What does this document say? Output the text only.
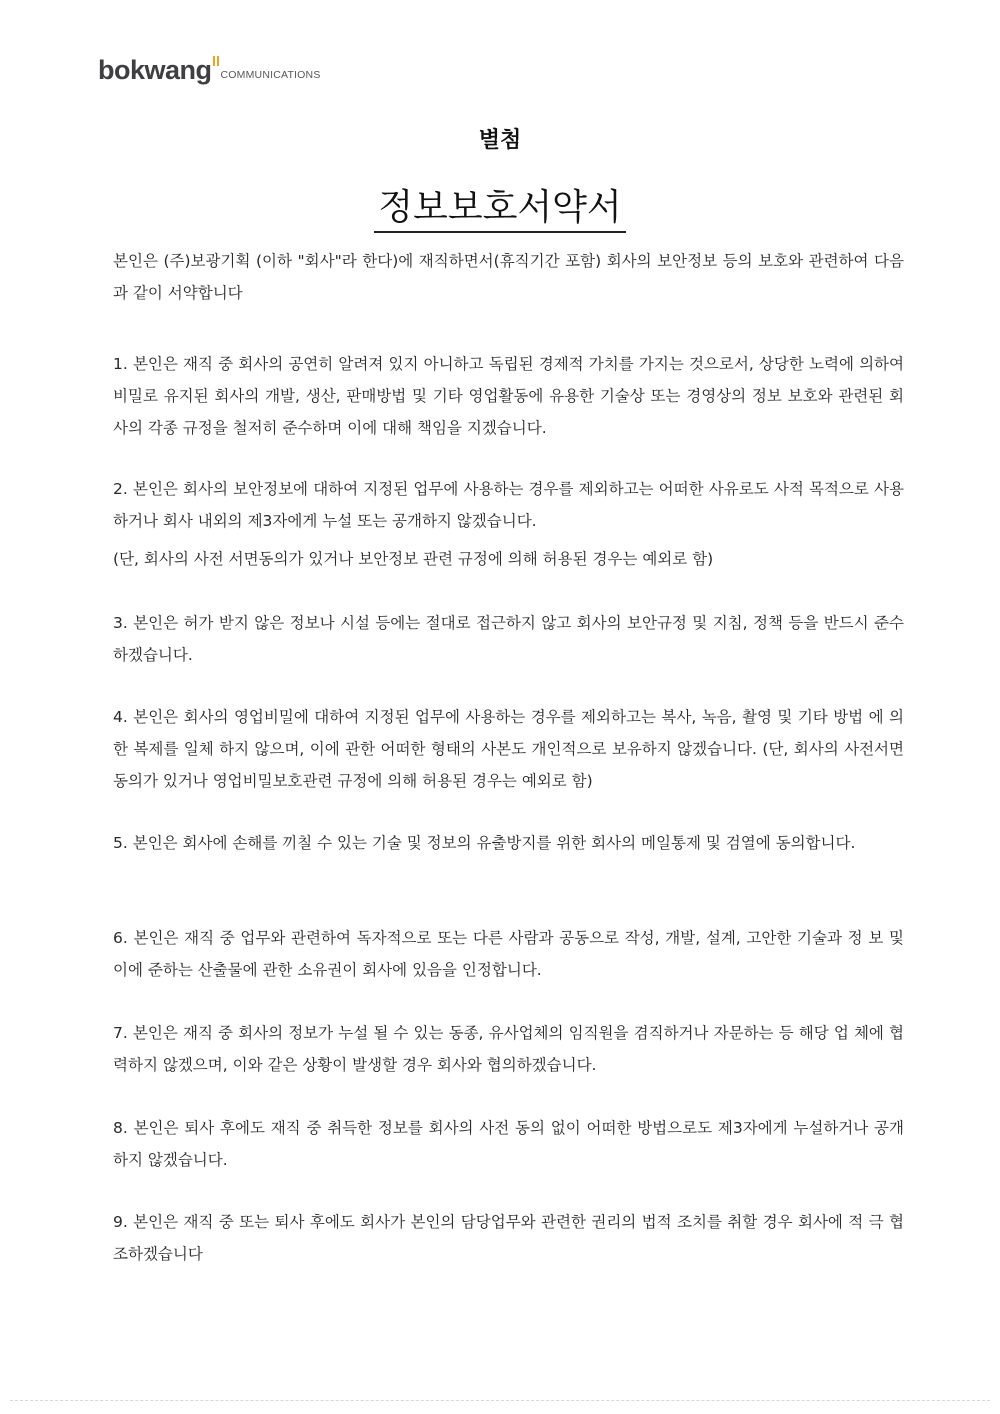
bokwang COMMUNICATIONS
별첨
정보보호서약서
본인은 (주)보광기획 (이하 "회사"라 한다)에 재직하면서(휴직기간 포함) 회사의 보안정보 등의 보호와 관련하여 다음과 같이 서약합니다
1. 본인은 재직 중 회사의 공연히 알려져 있지 아니하고 독립된 경제적 가치를 가지는 것으로서, 상당한 노력에 의하여 비밀로 유지된 회사의 개발, 생산, 판매방법 및 기타 영업활동에 유용한 기술상 또는 경영상의 정보 보호와 관련된 회사의 각종 규정을 철저히 준수하며 이에 대해 책임을 지겠습니다.
2. 본인은 회사의 보안정보에 대하여 지정된 업무에 사용하는 경우를 제외하고는 어떠한 사유로도 사적 목적으로 사용하거나 회사 내외의 제3자에게 누설 또는 공개하지 않겠습니다.
(단, 회사의 사전 서면동의가 있거나 보안정보 관련 규정에 의해 허용된 경우는 예외로 함)
3. 본인은 허가 받지 않은 정보나 시설 등에는 절대로 접근하지 않고 회사의 보안규정 및 지침, 정책 등을 반드시 준수하겠습니다.
4. 본인은 회사의 영업비밀에 대하여 지정된 업무에 사용하는 경우를 제외하고는 복사, 녹음, 촬영 및 기타 방법 에 의한 복제를 일체 하지 않으며, 이에 관한 어떠한 형태의 사본도 개인적으로 보유하지 않겠습니다. (단, 회사의 사전서면동의가 있거나 영업비밀보호관련 규정에 의해 허용된 경우는 예외로 함)
5. 본인은 회사에 손해를 끼칠 수 있는 기술 및 정보의 유출방지를 위한 회사의 메일통제 및 검열에 동의합니다.
6. 본인은 재직 중 업무와 관련하여 독자적으로 또는 다른 사람과 공동으로 작성, 개발, 설계, 고안한 기술과 정 보 및 이에 준하는 산출물에 관한 소유권이 회사에 있음을 인정합니다.
7. 본인은 재직 중 회사의 정보가 누설 될 수 있는 동종, 유사업체의 임직원을 겸직하거나 자문하는 등 해당 업 체에 협력하지 않겠으며, 이와 같은 상황이 발생할 경우 회사와 협의하겠습니다.
8. 본인은 퇴사 후에도 재직 중 취득한 정보를 회사의 사전 동의 없이 어떠한 방법으로도 제3자에게 누설하거나 공개하지 않겠습니다.
9. 본인은 재직 중 또는 퇴사 후에도 회사가 본인의 담당업무와 관련한 권리의 법적 조치를 취할 경우 회사에 적 극 협조하겠습니다
